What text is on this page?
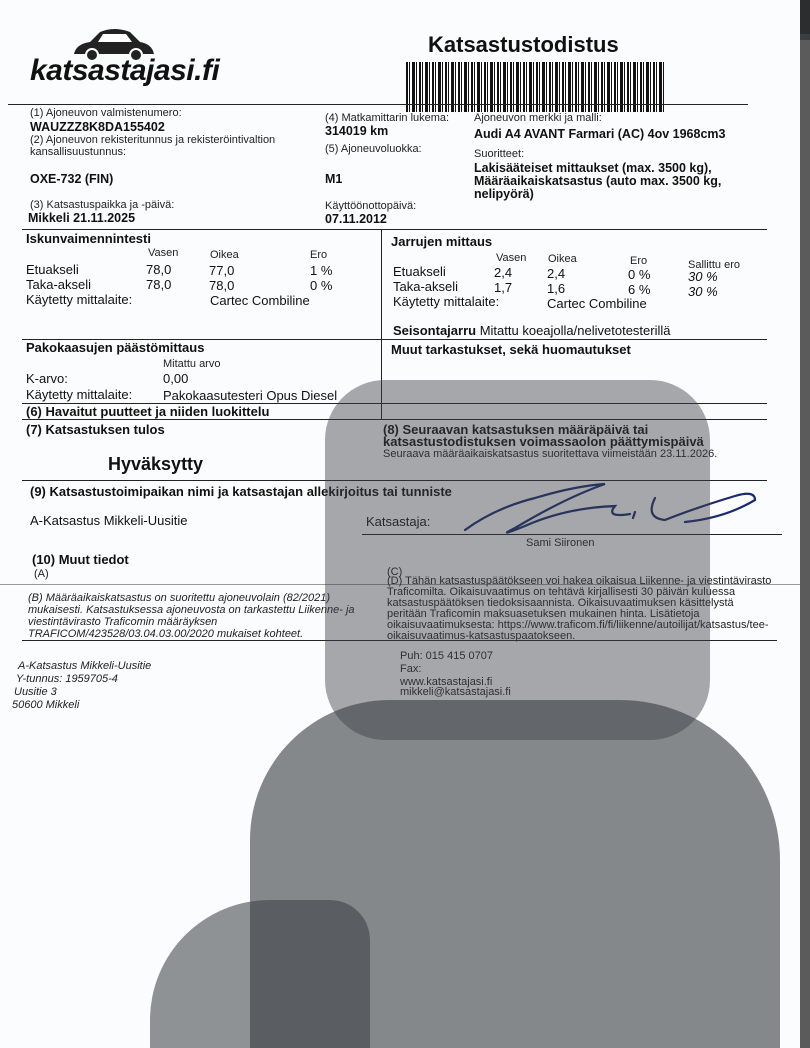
katsastajasi.fi
Katsastustodistus
(1) Ajoneuvon valmistenumero:
WAUZZZ8K8DA155402
(2) Ajoneuvon rekisteritunnus ja rekisteröintivaltion kansallisuustunnus:
OXE-732 (FIN)
(4) Matkamittarin lukema:
314019 km
(5) Ajoneuvoluokka:
M1
Ajoneuvon merkki ja malli:
Audi A4 AVANT Farmari (AC) 4ov 1968cm3
Suoritteet:
Lakisääteiset mittaukset (max. 3500 kg), Määräaikaiskatsastus (auto max. 3500 kg, nelipyörä)
(3) Katsastuspaikka ja -päivä:
Mikkeli 21.11.2025
Käyttöönottopäivä:
07.11.2012
Iskunvaimennintesti
Vasen	Oikea	Ero
Etuakseli	78,0	77,0	1 %
Taka-akseli	78,0	78,0	0 %
Käytetty mittalaite:	Cartec Combiline
Jarrujen mittaus
Vasen Oikea	Ero	Sallittu ero
Etuakseli	2,4	2,4	0 %	30 %
Taka-akseli	1,7	1,6	6 %	30 %
Käytetty mittalaite:	Cartec Combiline
Seisontajarru Mitattu koeajolla/nelivetotesterillä
Pakokaasujen päästömittaus
Mitattu arvo
K-arvo:	0,00
Käytetty mittalaite: Pakokaasutesteri Opus Diesel
Muut tarkastukset, sekä huomautukset
(6) Havaitut puutteet ja niiden luokittelu
(7) Katsastuksen tulos
Hyväksytty
(8) Seuraavan katsastuksen määräpäivä tai katsastustodistuksen voimassaolon päättymispäivä
Seuraava määräaikaiskatsastus suoritettava viimeistään 23.11.2026.
(9) Katsastustoimipaikan nimi ja katsastajan allekirjoitus tai tunniste
A-Katsastus Mikkeli-Uusitie	Katsastaja:
Sami Siironen
(10) Muut tiedot
(A)	(C)
(B) Määräaikaiskatsastus on suoritettu ajoneuvolain (82/2021) mukaisesti. Katsastuksessa ajoneuvosta on tarkastettu Liikenne- ja viestintävirasto Traficomin määräyksen TRAFICOM/423528/03.04.03.00/2020 mukaiset kohteet.
(D) Tähän katsastuspäätökseen voi hakea oikaisua Liikenne- ja viestintävirasto Traficomilta. Oikaisuvaatimus on tehtävä kirjallisesti 30 päivän kuluessa katsastuspäätöksen tiedoksisaannista. Oikaisuvaatimuksen käsittelystä peritään Traficomin maksuasetuksen mukainen hinta. Lisätietoja oikaisuvaatimuksesta: https://www.traficom.fi/fi/liikenne/autoilijat/katsastus/tee-oikaisuvaatimus-katsastuspaatokseen.
A-Katsastus Mikkeli-Uusitie
Y-tunnus: 1959705-4
Uusitie 3
50600 Mikkeli
Puh: 015 415 0707
Fax:
www.katsastajasi.fi
mikkeli@katsastajasi.fi
